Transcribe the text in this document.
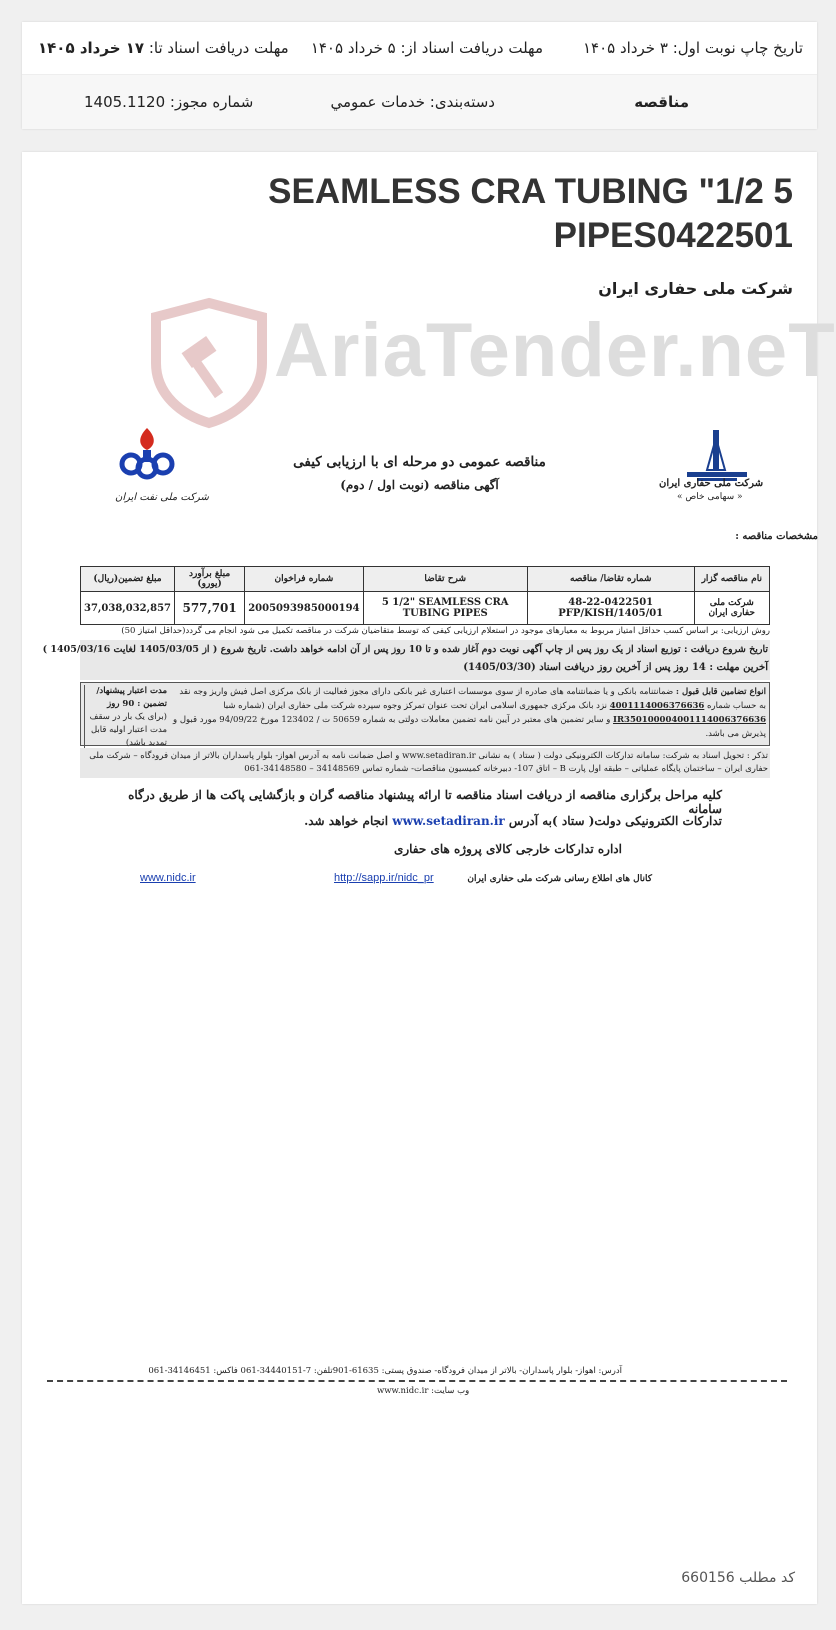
تاریخ چاپ نوبت اول: ۳ خرداد ۱۴۰۵
مهلت دریافت اسناد از: ۵ خرداد ۱۴۰۵
مهلت دریافت اسناد تا:

۱۷ خرداد ۱۴۰۵
مناقصه
دسته‌بندی: خدمات عمومي
شماره مجوز: 1405.1120
SEAMLESS CRA TUBING "1/2 5 PIPES0422501
شرکت ملی حفاری ایران
AriaTender.neT
شرکت ملی حفاری ایران
« سهامی خاص »
شرکت ملی نفت ایران
مناقصه عمومی دو مرحله ای با ارزیابی کیفی
آگهی مناقصه (نوبت اول / دوم)
مشخصات مناقصه :
نام مناقصه گزار	شماره تقاضا/ مناقصه	شرح تقاضا	شماره فراخوان	مبلغ برآورد (یورو)	مبلغ تضمین(ریال)
شرکت ملی حفاری ایران	48-22-0422501 PFP/KISH/1405/01	5 1/2" SEAMLESS CRA TUBING PIPES	2005093985000194	577,701	37,038,032,857
روش ارزیابی: بر اساس کسب حداقل امتیاز مربوط به معیارهای موجود در استعلام ارزیابی کیفی که توسط متقاضیان شرکت در مناقصه تکمیل می شود انجام می گردد(حداقل امتیاز 50)
تاریخ شروع دریافت : توزیع اسناد از یک روز پس از چاپ آگهی نوبت دوم آغاز شده و تا 10 روز پس از آن ادامه خواهد داشت. تاریخ شروع ( از 1405/03/05 لغایت 1405/03/16 )
آخرین مهلت : 14 روز پس از آخرین روز دریافت اسناد (1405/03/30)
انواع تضامین قابل قبول : ضمانتنامه بانکی و یا ضمانتنامه های صادره از سوی موسسات اعتباری غیر بانکی دارای مجوز فعالیت از بانک مرکزی اصل فیش واریز وجه نقد به حساب شماره 4001114006376636 نزد بانک مرکزی جمهوری اسلامی ایران تحت عنوان تمرکز وجوه سپرده شرکت ملی حفاری ایران (شماره شبا IR350100004001114006376636 و سایر تضمین های معتبر در آیین نامه تضمین معاملات دولتی به شماره 50659 ت / 123402 مورخ 94/09/22 مورد قبول و پذیرش می باشد.
مدت اعتبار پیشنهاد/ تضمین : 90 روز
(برای یک بار در سقف مدت اعتبار اولیه قابل تمدید باشد)
تذکر : تحویل اسناد به شرکت: سامانه تدارکات الکترونیکی دولت ( ستاد ) به نشانی www.setadiran.ir و اصل ضمانت نامه به آدرس اهواز- بلوار پاسداران بالاتر از میدان فرودگاه – شرکت ملی حفاری ایران – ساختمان پایگاه عملیاتی – طبقه اول پارت B – اتاق 107- دبیرخانه کمیسیون مناقصات- شماره تماس 34148569 – 34148580-061
کلیه مراحل برگزاری مناقصه از دریافت اسناد مناقصه تا ارائه پیشنهاد مناقصه گران و بازگشایی پاکت ها از طریق درگاه سامانه
تدارکات الکترونیکی دولت( ستاد )به آدرس www.setadiran.ir انجام خواهد شد.
اداره تدارکات خارجی کالای پروژه های حفاری
کانال های اطلاع رسانی شرکت ملی حفاری ایران
http://sapp.ir/nidc_pr
www.nidc.ir
آدرس: اهواز- بلوار پاسداران- بالاتر از میدان فرودگاه- صندوق پستی: 61635-901تلفن: 7-34440151-061 فاکس: 34146451-061
وب سایت: www.nidc.ir
کد مطلب 660156
